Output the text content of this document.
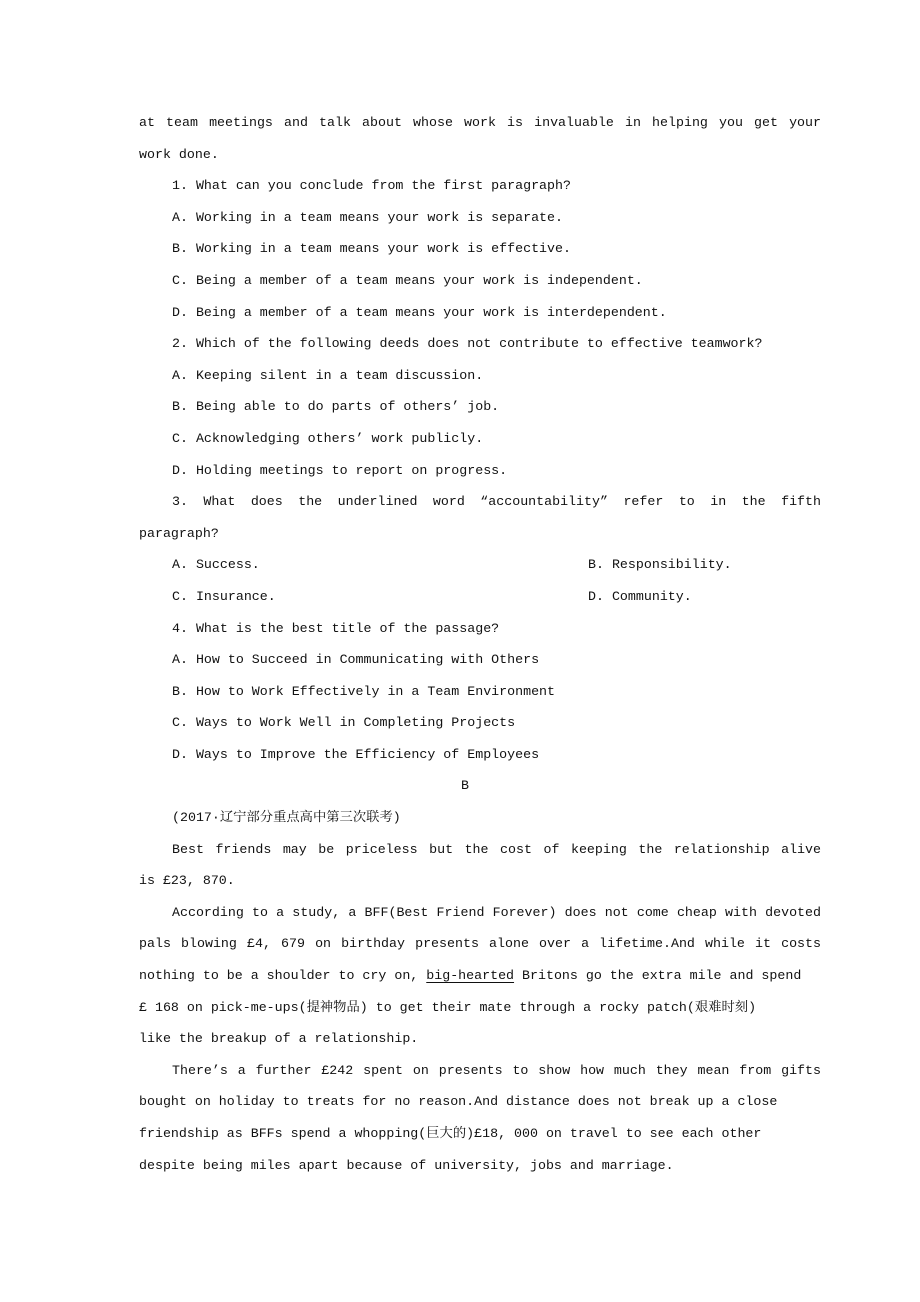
at team meetings and talk about whose work is invaluable in helping you get your
work done.
1. What can you conclude from the first paragraph?
A. Working in a team means your work is separate.
B. Working in a team means your work is effective.
C. Being a member of a team means your work is independent.
D. Being a member of a team means your work is interdependent.
2. Which of the following deeds does not contribute to effective teamwork?
A. Keeping silent in a team discussion.
B. Being able to do parts of others’ job.
C. Acknowledging others’ work publicly.
D. Holding meetings to report on progress.
3. What does the underlined word “accountability” refer to in the fifth
paragraph?
A. Success.	B. Responsibility.
C. Insurance.	D. Community.
4. What is the best title of the passage?
A. How to Succeed in Communicating with Others
B. How to Work Effectively in a Team Environment
C. Ways to Work Well in Completing Projects
D. Ways to Improve the Efficiency of Employees
B
(2017·辽宁部分重点高中第三次联考)
Best friends may be priceless but the cost of keeping the relationship alive
is £23, 870.
According to a study, a BFF(Best Friend Forever) does not come cheap with devoted
pals blowing £4, 679 on birthday presents alone over a lifetime.And while it costs
nothing to be a shoulder to cry on, big-hearted Britons go the extra mile and spend
£ 168 on pick-me-ups(提神物品) to get their mate through a rocky patch(艰难时刻)
like the breakup of a relationship.
There’s a further £242 spent on presents to show how much they mean from gifts
bought on holiday to treats for no reason.And distance does not break up a close
friendship as BFFs spend a whopping(巨大的)£18, 000 on travel to see each other
despite being miles apart because of university, jobs and marriage.
